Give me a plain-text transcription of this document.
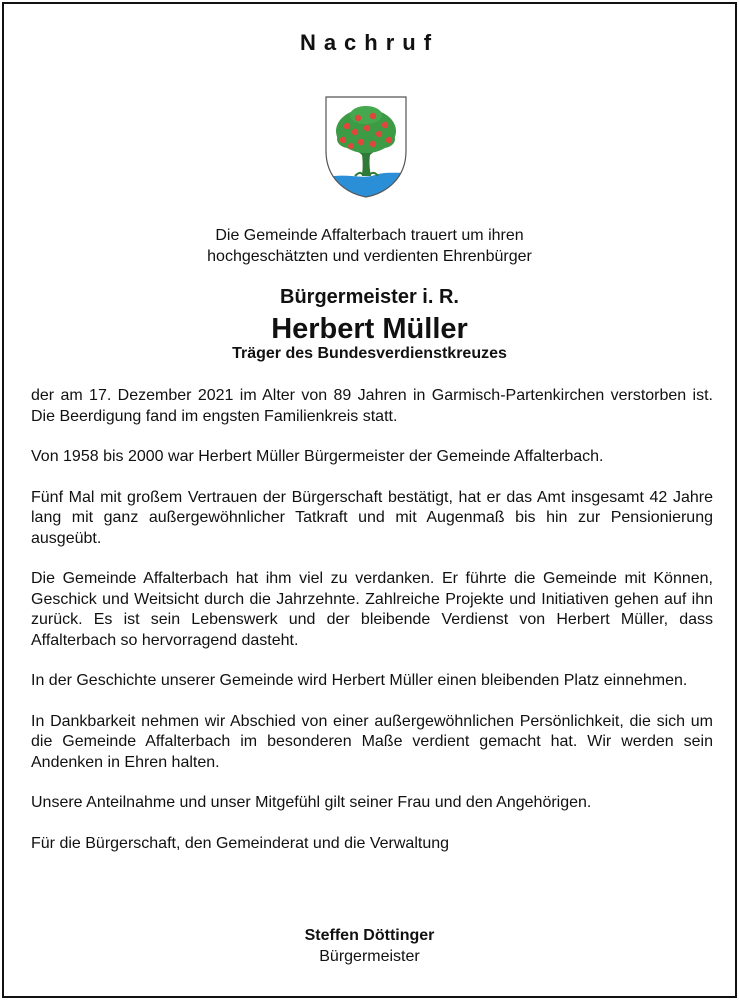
Nachruf
Die Gemeinde Affalterbach trauert um ihren
hochgeschätzten und verdienten Ehrenbürger
Bürgermeister i. R.
Herbert Müller
Träger des Bundesverdienstkreuzes

der am 17. Dezember 2021 im Alter von 89 Jahren in Garmisch-Partenkirchen verstorben ist. Die Beerdigung fand im engsten Familienkreis statt.

Von 1958 bis 2000 war Herbert Müller Bürgermeister der Gemeinde Affalterbach.

Fünf Mal mit großem Vertrauen der Bürgerschaft bestätigt, hat er das Amt insgesamt 42 Jahre lang mit ganz außergewöhnlicher Tatkraft und mit Augenmaß bis hin zur Pensionierung ausgeübt.

Die Gemeinde Affalterbach hat ihm viel zu verdanken. Er führte die Gemeinde mit Können, Geschick und Weitsicht durch die Jahrzehnte. Zahlreiche Projekte und Initiativen gehen auf ihn zurück. Es ist sein Lebenswerk und der bleibende Verdienst von Herbert Müller, dass Affalterbach so hervorragend dasteht.

In der Geschichte unserer Gemeinde wird Herbert Müller einen bleibenden Platz einnehmen.

In Dankbarkeit nehmen wir Abschied von einer außergewöhnlichen Persönlichkeit, die sich um die Gemeinde Affalterbach im besonderen Maße verdient gemacht hat. Wir werden sein Andenken in Ehren halten.

Unsere Anteilnahme und unser Mitgefühl gilt seiner Frau und den Angehörigen.

Für die Bürgerschaft, den Gemeinderat und die Verwaltung

Steffen Döttinger
Bürgermeister
